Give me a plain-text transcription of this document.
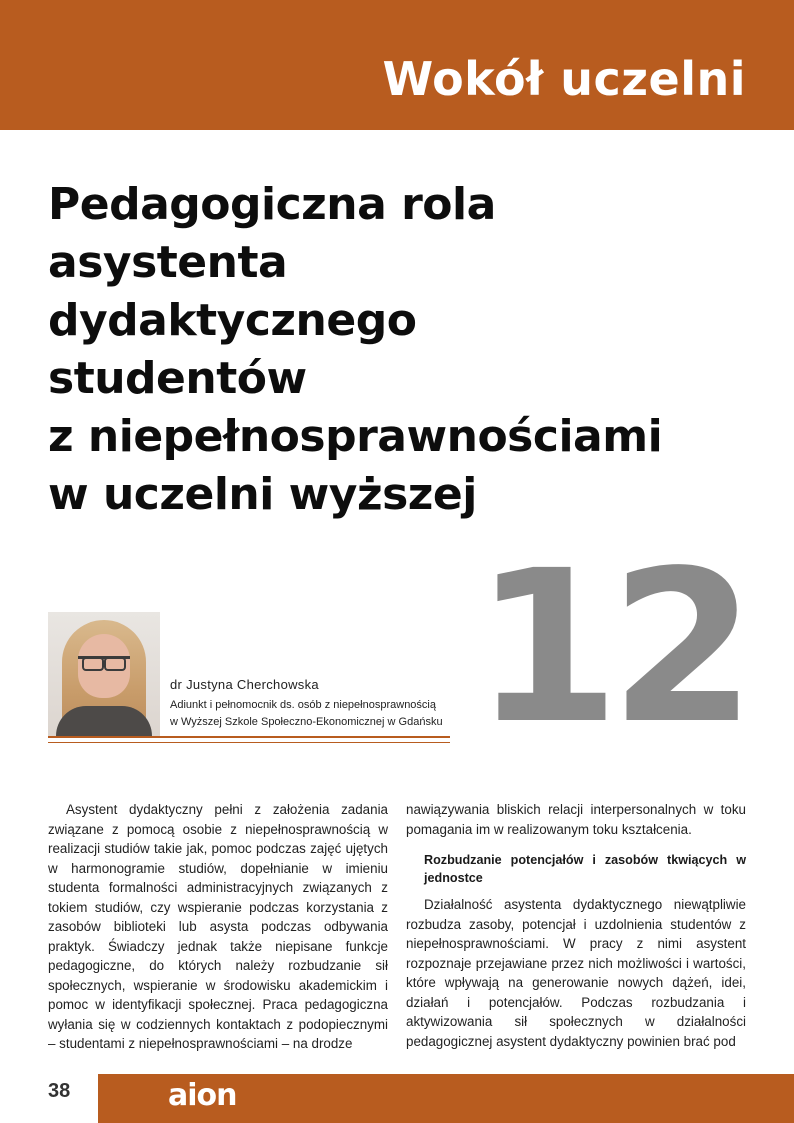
Wokół uczelni
Pedagogiczna rola
asystenta
dydaktycznego
studentów
z niepełnosprawnościami
w uczelni wyższej
12
dr Justyna Cherchowska
Adiunkt i pełnomocnik ds. osób z niepełnosprawnością
w Wyższej Szkole Społeczno-Ekonomicznej w Gdańsku

Asystent dydaktyczny pełni z założenia zadania związane z pomocą osobie z niepełnosprawnością w realizacji studiów takie jak, pomoc podczas zajęć ujętych w harmonogramie studiów, dopełnianie w imieniu studenta formalności administracyjnych związanych z tokiem studiów, czy wspieranie podczas korzystania z zasobów biblioteki lub asysta podczas odbywania praktyk. Świadczy jednak także niepisane funkcje pedagogiczne, do których należy rozbudzanie sił społecznych, wspieranie w środowisku akademickim i pomoc w identyfikacji społecznej. Praca pedagogiczna wyłania się w codziennych kontaktach z podopiecznymi – studentami z niepełnosprawnościami – na drodze

nawiązywania bliskich relacji interpersonalnych w toku pomagania im w realizowanym toku kształcenia.

Rozbudzanie potencjałów i zasobów tkwiących w jednostce

Działalność asystenta dydaktycznego niewątpliwie rozbudza zasoby, potencjał i uzdolnienia studentów z niepełnosprawnościami. W pracy z nimi asystent rozpoznaje przejawiane przez nich możliwości i wartości, które wpływają na generowanie nowych dążeń, idei, działań i potencjałów. Podczas rozbudzania i aktywizowania sił społecznych w działalności pedagogicznej asystent dydaktyczny powinien brać pod

38	aion
